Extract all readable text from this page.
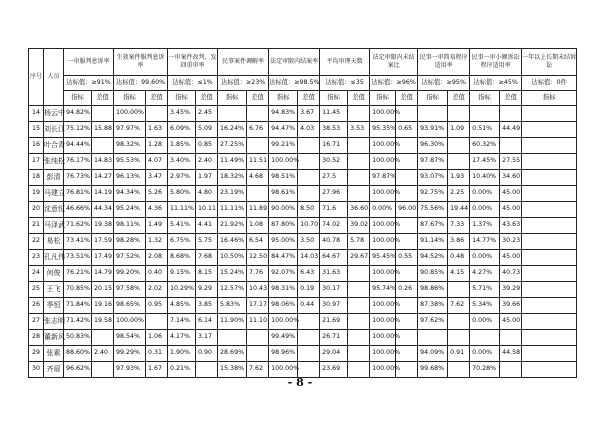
序号	人员	一审服判息诉率		生效案件服判息诉率		一审案件改判、发回重审率		民事案件调解率		法定审限内结案率		平均审理天数		法定审限内未结案比		民事一审简易程序适用率		民事一审小额诉讼程序适用率		一年以上长期未结诉讼
		达标值：≥91%		达标值：99.60%		达标值：≤1%		达标值：≥23%		达标值：≥98.5%		达标值：≤35		达标值：≥96%		达标值：≥95%		达标值：≥45%		达标值：0件
		指标	差值	指标	差值	指标	差值	指标	差值	指标	差值	指标	差值	指标	差值	指标	差值	指标	差值	指标
14	杨云中	94.82%		100.00%		3.45%	2.45			94.83%	3.67	11.45		100.00%						
15	刘长江	75.12%	15.88	97.97%	1.63	6.09%	5.09	16.24%	6.76	94.47%	4.03	38.53	3.53	95.35%	0.65	93.91%	1.09	0.51%	44.49	
16	叶合青	94.44%		98.32%	1.28	1.85%	0.85	27.25%		99.21%		16.71		100.00%		96.30%		60.32%		
17	张纯松	76.17%	14.83	95.53%	4.07	3.40%	2.40	11.49%	11.51	100.00%		30.52		100.00%		97.87%		17.45%	27.55	
18	彭清	76.73%	14.27	96.13%	3.47	2.97%	1.97	18.32%	4.68	98.51%		27.5		97.87%		93.07%	1.93	10.40%	34.60	
19	马建立	76.81%	14.19	94.34%	5.26	5.80%	4.80	23.19%		98.61%		27.96		100.00%		92.75%	2.25	0.00%	45.00	
20	沈意恒	46.66%	44.34	95.24%	4.36	11.11%	10.11	11.11%	11.89	90.00%	8.50	71.6	36.60	0.00%	96.00	75.56%	19.44	0.00%	45.00	
21	马泽武	71.62%	19.38	98.11%	1.49	5.41%	4.41	21.92%	1.08	87.80%	10.70	74.02	39.02	100.00%		87.67%	7.33	1.37%	43.63	
22	易松	73.41%	17.59	98.28%	1.32	6.75%	5.75	16.46%	6.54	95.00%	3.50	40.78	5.78	100.00%		91.14%	3.86	14.77%	30.23	
23	孔凡伟	73.51%	17.49	97.52%	2.08	8.68%	7.68	10.50%	12.50	84.47%	14.03	64.67	29.67	95.45%	0.55	94.52%	0.48	0.00%	45.00	
24	何俊	76.21%	14.79	99.20%	0.40	9.15%	8.15	15.24%	7.76	92.07%	6.43	31.63		100.00%		90.85%	4.15	4.27%	40.73	
25	王飞	70.85%	20.15	97.58%	2.02	10.29%	9.29	12.57%	10.43	98.31%	0.19	30.17		95.74%	0.26	98.86%		5.71%	39.29	
26	季恒	71.84%	19.16	98.65%	0.95	4.85%	3.85	5.83%	17.17	98.06%	0.44	30.97		100.00%		87.38%	7.62	5.34%	39.66	
27	张志明	71.42%	19.58	100.00%		7.14%	6.14	11.90%	11.10	100.00%		21.69		100.00%		97.62%		0.00%	45.00	
28	董新风	50.83%		98.54%	1.06	4.17%	3.17			99.49%		26.71		100.00%						
29	张素	88.60%	2.40	99.29%	0.31	1.90%	0.90	28.69%		98.96%		29.04		100.00%		94.09%	0.91	0.00%	44.58	
30	齐眉	96.62%		97.93%	1.67	0.21%		15.38%	7.62	100.00%		23.69		100.00%		99.68%		70.28%		
- 8 -
